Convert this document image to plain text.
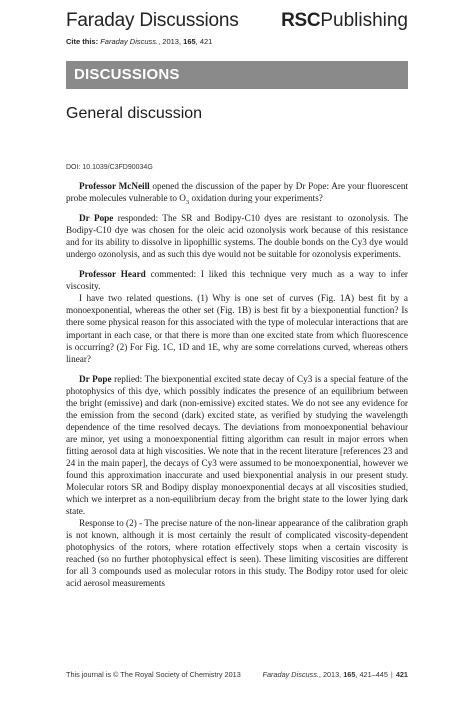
Faraday Discussions RSCPublishing
Cite this: Faraday Discuss., 2013, 165, 421
DISCUSSIONS
General discussion
DOI: 10.1039/C3FD90034G

Professor McNeill opened the discussion of the paper by Dr Pope: Are your fluorescent probe molecules vulnerable to $O_3$ oxidation during your experiments?

Dr Pope responded: The SR and Bodipy-C10 dyes are resistant to ozonolysis. The Bodipy-C10 dye was chosen for the oleic acid ozonolysis work because of this resistance and for its ability to dissolve in lipophillic systems. The double bonds on the Cy3 dye would undergo ozonolysis, and as such this dye would not be suitable for ozonolysis experiments.

Professor Heard commented: I liked this technique very much as a way to infer viscosity.

I have two related questions. (1) Why is one set of curves (Fig. 1A) best fit by a monoexponential, whereas the other set (Fig. 1B) is best fit by a biexponential function? Is there some physical reason for this associated with the type of molecular interactions that are important in each case, or that there is more than one excited state from which fluorescence is occurring? (2) For Fig. 1C, 1D and 1E, why are some correlations curved, whereas others linear?

Dr Pope replied: The biexponential excited state decay of Cy3 is a special feature of the photophysics of this dye, which possibly indicates the presence of an equilibrium between the bright (emissive) and dark (non-emissive) excited states. We do not see any evidence for the emission from the second (dark) excited state, as verified by studying the wavelength dependence of the time resolved decays. The deviations from monoexponential behaviour are minor, yet using a monoexponential fitting algorithm can result in major errors when fitting aerosol data at high viscosities. We note that in the recent literature [references 23 and 24 in the main paper], the decays of Cy3 were assumed to be monoexponential, however we found this approximation inaccurate and used biexponential analysis in our present study. Molecular rotors SR and Bodipy display monoexponential decays at all viscosities studied, which we interpret as a non-equilibrium decay from the bright state to the lower lying dark state.

Response to (2) - The precise nature of the non-linear appearance of the calibration graph is not known, although it is most certainly the result of complicated viscosity-dependent photophysics of the rotors, where rotation effectively stops when a certain viscosity is reached (so no further photophysical effect is seen). These limiting viscosities are different for all 3 compounds used as molecular rotors in this study. The Bodipy rotor used for oleic acid aerosol measurements

This journal is © The Royal Society of Chemistry 2013	Faraday Discuss., 2013, 165, 421–445 | 421
